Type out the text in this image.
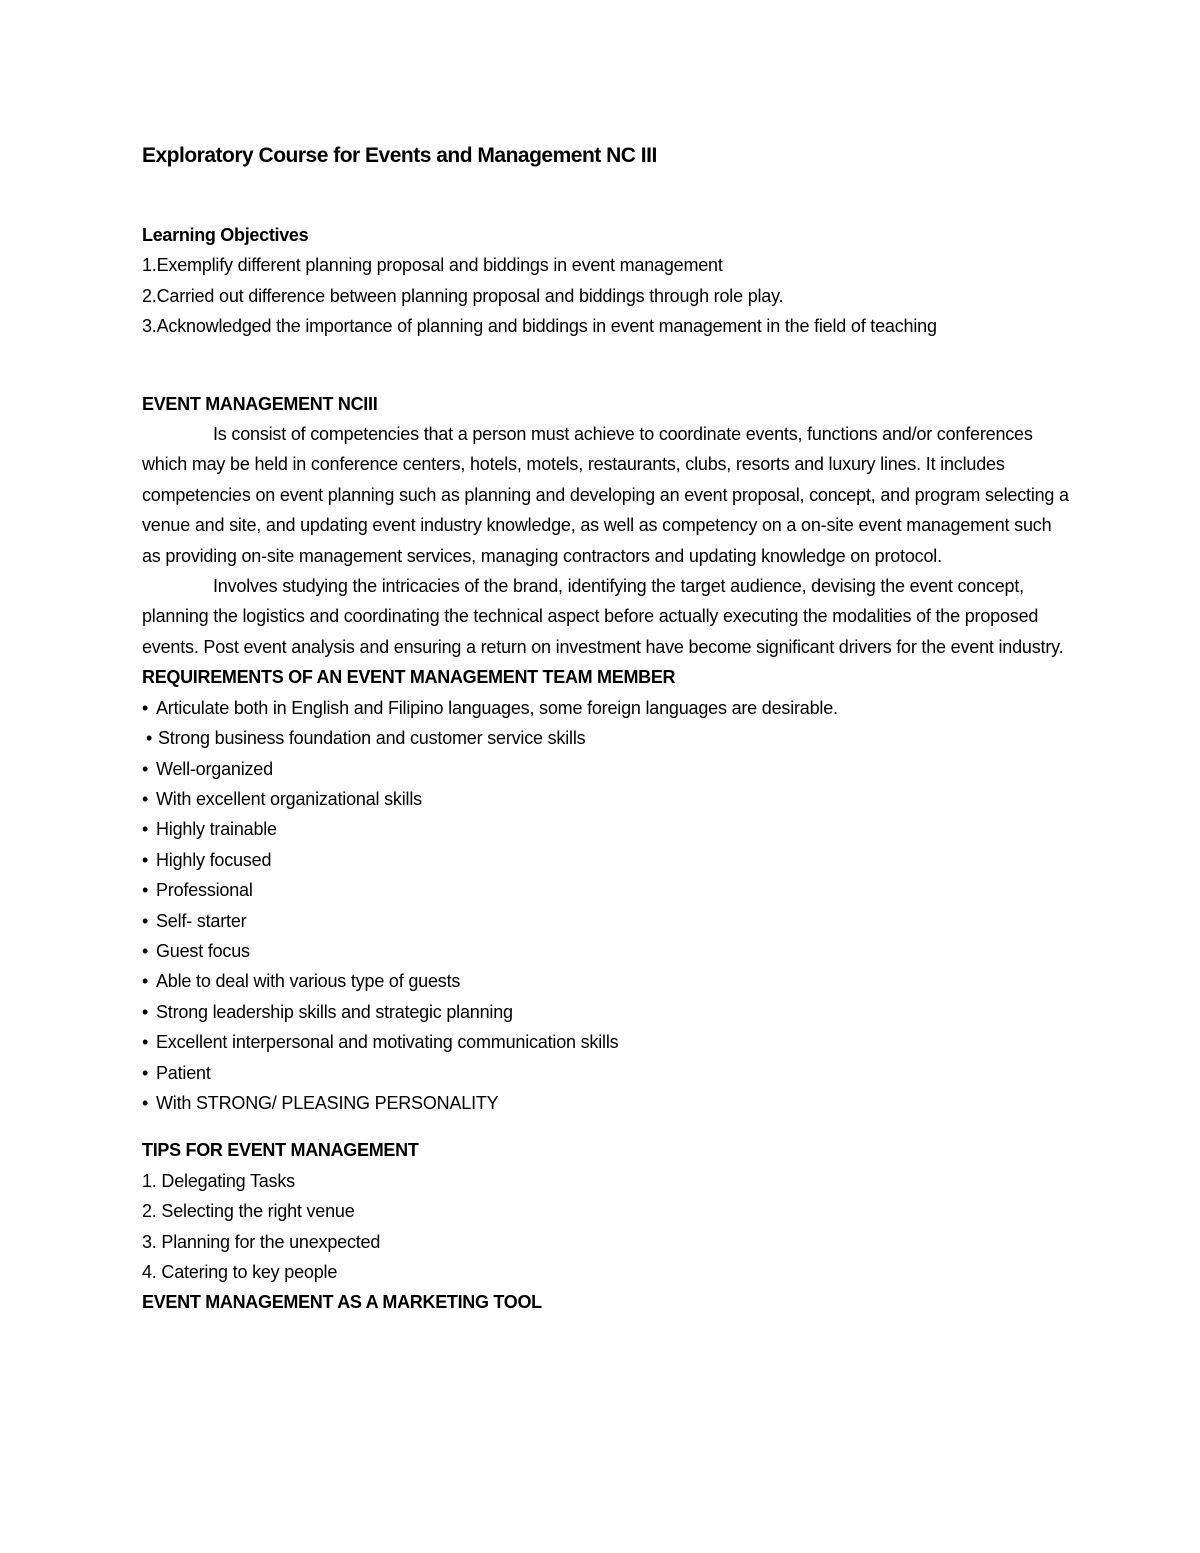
Exploratory Course for Events and Management NC III
Learning Objectives

1.Exemplify different planning proposal and biddings in event management

2.Carried out difference between planning proposal and biddings through role play.

3.Acknowledged the importance of planning and biddings in event management in the field of teaching

EVENT MANAGEMENT NCIII

Is consist of competencies that a person must achieve to coordinate events, functions and/or conferences which may be held in conference centers, hotels, motels, restaurants, clubs, resorts and luxury lines. It includes competencies on event planning such as planning and developing an event proposal, concept, and program selecting a venue and site, and updating event industry knowledge, as well as competency on a on-site event management such as providing on-site management services, managing contractors and updating knowledge on protocol.

Involves studying the intricacies of the brand, identifying the target audience, devising the event concept, planning the logistics and coordinating the technical aspect before actually executing the modalities of the proposed events. Post event analysis and ensuring a return on investment have become significant drivers for the event industry.

REQUIREMENTS OF AN EVENT MANAGEMENT TEAM MEMBER
• Articulate both in English and Filipino languages, some foreign languages are desirable.
• Strong business foundation and customer service skills
• Well-organized
• With excellent organizational skills
• Highly trainable
• Highly focused
• Professional
• Self- starter
• Guest focus
• Able to deal with various type of guests
• Strong leadership skills and strategic planning
• Excellent interpersonal and motivating communication skills
• Patient
• With STRONG/ PLEASING PERSONALITY
TIPS FOR EVENT MANAGEMENT
1. Delegating Tasks
2. Selecting the right venue
3. Planning for the unexpected
4. Catering to key people
EVENT MANAGEMENT AS A MARKETING TOOL
